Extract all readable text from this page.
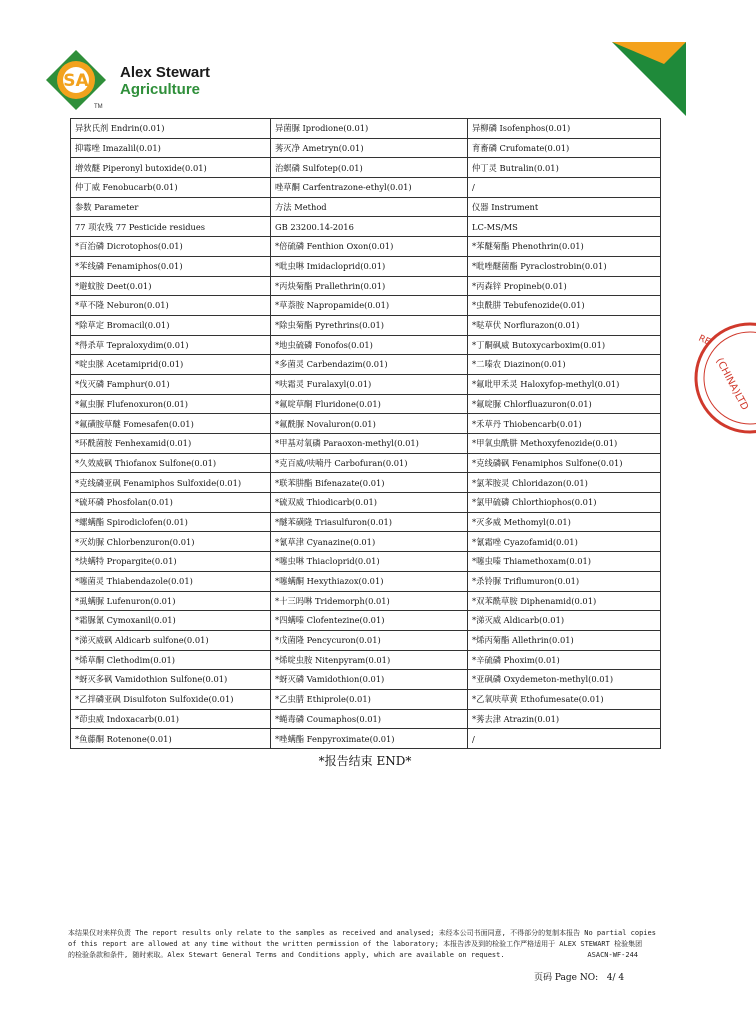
SA Alex Stewart
Agriculture
TM
(CHINA)LTD
RE
异狄氏剂 Endrin(0.01)	异菌脲 Iprodione(0.01)	异柳磷 Isofenphos(0.01)
抑霉唑 Imazalil(0.01)	莠灭净 Ametryn(0.01)	育畜磷 Crufomate(0.01)
增效醚 Piperonyl butoxide(0.01)	治螟磷 Sulfotep(0.01)	仲丁灵 Butralin(0.01)
仲丁威 Fenobucarb(0.01)	唑草酮 Carfentrazone-ethyl(0.01)	/
参数 Parameter	方法 Method	仪器 Instrument
77 项农残 77 Pesticide residues	GB 23200.14-2016	LC-MS/MS
*百治磷 Dicrotophos(0.01)	*倍硫磷 Fenthion Oxon(0.01)	*苯醚菊酯 Phenothrin(0.01)
*苯线磷 Fenamiphos(0.01)	*吡虫啉 Imidacloprid(0.01)	*吡唑醚菌酯 Pyraclostrobin(0.01)
*避蚊胺 Deet(0.01)	*丙炔菊酯 Prallethrin(0.01)	*丙森锌 Propineb(0.01)
*草不隆 Neburon(0.01)	*草萘胺 Napropamide(0.01)	*虫酰肼 Tebufenozide(0.01)
*除草定 Bromacil(0.01)	*除虫菊酯 Pyrethrins(0.01)	*哒草伏 Norflurazon(0.01)
*得杀草 Tepraloxydim(0.01)	*地虫硫磷 Fonofos(0.01)	*丁酮砜威 Butoxycarboxim(0.01)
*啶虫脒 Acetamiprid(0.01)	*多菌灵 Carbendazim(0.01)	*二嗪农 Diazinon(0.01)
*伐灭磷 Famphur(0.01)	*呋霜灵 Furalaxyl(0.01)	*氟吡甲禾灵 Haloxyfop-methyl(0.01)
*氟虫脲 Flufenoxuron(0.01)	*氟啶草酮 Fluridone(0.01)	*氟啶脲 Chlorfluazuron(0.01)
*氟磺胺草醚 Fomesafen(0.01)	*氟酰脲 Novaluron(0.01)	*禾草丹 Thiobencarb(0.01)
*环酰菌胺 Fenhexamid(0.01)	*甲基对氧磷 Paraoxon-methyl(0.01)	*甲氧虫酰肼 Methoxyfenozide(0.01)
*久效威砜 Thiofanox Sulfone(0.01)	*克百威/呋喃丹 Carbofuran(0.01)	*克线磷砜 Fenamiphos Sulfone(0.01)
*克线磷亚砜 Fenamiphos Sulfoxide(0.01)	*联苯肼酯 Bifenazate(0.01)	*氯苯胺灵 Chloridazon(0.01)
*硫环磷 Phosfolan(0.01)	*硫双威 Thiodicarb(0.01)	*氯甲硫磷 Chlorthiophos(0.01)
*螺螨酯 Spirodiclofen(0.01)	*醚苯磺隆 Triasulfuron(0.01)	*灭多威 Methomyl(0.01)
*灭幼脲 Chlorbenzuron(0.01)	*氰草津 Cyanazine(0.01)	*氰霜唑 Cyazofamid(0.01)
*炔螨特 Propargite(0.01)	*噻虫啉 Thiacloprid(0.01)	*噻虫嗪 Thiamethoxam(0.01)
*噻菌灵 Thiabendazole(0.01)	*噻螨酮 Hexythiazox(0.01)	*杀铃脲 Triflumuron(0.01)
*虱螨脲 Lufenuron(0.01)	*十三吗啉 Tridemorph(0.01)	*双苯酰草胺 Diphenamid(0.01)
*霜脲氰 Cymoxanil(0.01)	*四螨嗪 Clofentezine(0.01)	*涕灭威 Aldicarb(0.01)
*涕灭威砜 Aldicarb sulfone(0.01)	*戊菌隆 Pencycuron(0.01)	*烯丙菊酯 Allethrin(0.01)
*烯草酮 Clethodim(0.01)	*烯啶虫胺 Nitenpyram(0.01)	*辛硫磷 Phoxim(0.01)
*蚜灭多砜 Vamidothion Sulfone(0.01)	*蚜灭磷 Vamidothion(0.01)	*亚砜磷 Oxydemeton-methyl(0.01)
*乙拌磷亚砜 Disulfoton Sulfoxide(0.01)	*乙虫腈 Ethiprole(0.01)	*乙氧呋草黄 Ethofumesate(0.01)
*茚虫威 Indoxacarb(0.01)	*蝇毒磷 Coumaphos(0.01)	*莠去津 Atrazin(0.01)
*鱼藤酮 Rotenone(0.01)	*唑螨酯 Fenpyroximate(0.01)	/
*报告结束 END*

本结果仅对来样负责 The report results only relate to the samples as received and analysed; 未经本公司书面同意, 不得部分的复制本报告 No partial copies

of this report are allowed at any time without the written permission of the laboratory; 本报告涉及到的检验工作严格适用于 ALEX STEWART 检验集团

的检验条款和条件, 随时索取。Alex Stewart General Terms and Conditions apply, which are available on request.	ASACN-WF-244
页码 Page NO: 4/ 4
